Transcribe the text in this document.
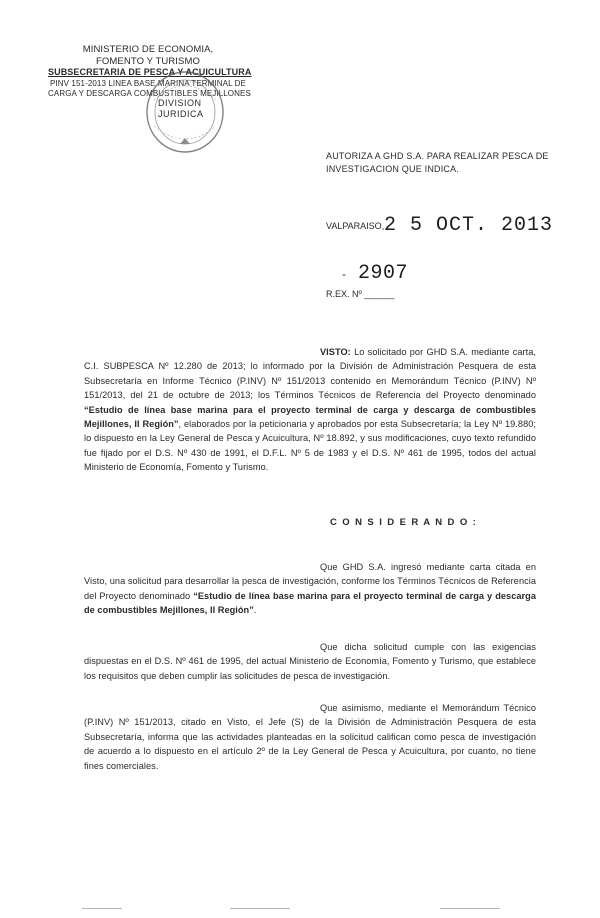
MINISTERIO DE ECONOMIA,
FOMENTO Y TURISMO
SUBSECRETARIA DE PESCA Y ACUICULTURA
PINV 151-2013 LINEA BASE MARINA TERMINAL DE
CARGA Y DESCARGA COMBUSTIBLES MEJILLONES
DIVISION
JURIDICA
AUTORIZA A GHD S.A. PARA REALIZAR PESCA DE
INVESTIGACION QUE INDICA.
VALPARAISO, 2 5 OCT. 2013
- 2907
R.EX. Nº ______
VISTO: Lo solicitado por GHD S.A. mediante carta, C.I. SUBPESCA Nº 12.280 de 2013; lo informado por la División de Administración Pesquera de esta Subsecretaría en Informe Técnico (P.INV) Nº 151/2013 contenido en Memorándum Técnico (P.INV) Nº 151/2013, del 21 de octubre de 2013; los Términos Técnicos de Referencia del Proyecto denominado “Estudio de línea base marina para el proyecto terminal de carga y descarga de combustibles Mejillones, II Región”, elaborados por la peticionaria y aprobados por esta Subsecretaría; la Ley Nº 19.880; lo dispuesto en la Ley General de Pesca y Acuicultura, Nº 18.892, y sus modificaciones, cuyo texto refundido fue fijado por el D.S. Nº 430 de 1991, el D.F.L. Nº 5 de 1983 y el D.S. Nº 461 de 1995, todos del actual Ministerio de Economía, Fomento y Turismo.
C O N S I D E R A N D O :
Que GHD S.A. ingresó mediante carta citada en Visto, una solicitud para desarrollar la pesca de investigación, conforme los Términos Técnicos de Referencia del Proyecto denominado “Estudio de línea base marina para el proyecto terminal de carga y descarga de combustibles Mejillones, II Región”.
Que dicha solicitud cumple con las exigencias dispuestas en el D.S. Nº 461 de 1995, del actual Ministerio de Economía, Fomento y Turismo, que establece los requisitos que deben cumplir las solicitudes de pesca de investigación.
Que asimismo, mediante el Memorándum Técnico (P.INV) Nº 151/2013, citado en Visto, el Jefe (S) de la División de Administración Pesquera de esta Subsecretaría, informa que las actividades planteadas en la solicitud califican como pesca de investigación de acuerdo a lo dispuesto en el artículo 2º de la Ley General de Pesca y Acuicultura, por cuanto, no tiene fines comerciales.
